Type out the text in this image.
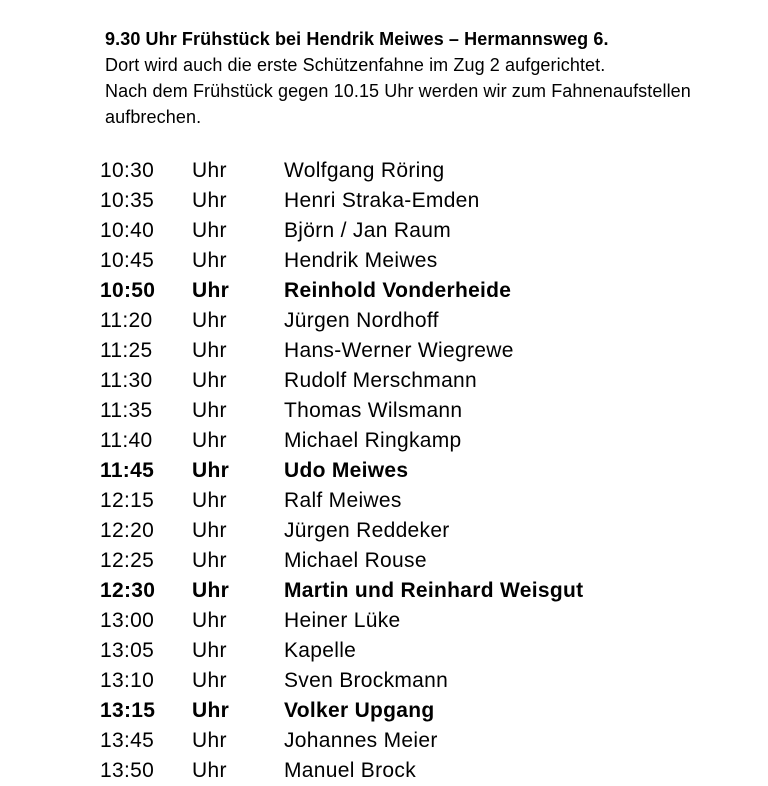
9.30 Uhr Frühstück bei Hendrik Meiwes – Hermannsweg 6.

Dort wird auch die erste Schützenfahne im Zug 2 aufgerichtet.

Nach dem Frühstück gegen 10.15 Uhr werden wir zum Fahnenaufstellen

aufbrechen.

10:30 Uhr	Wolfgang Röring
10:35 Uhr	Henri Straka-Emden
10:40 Uhr	Björn / Jan Raum
10:45 Uhr	Hendrik Meiwes
10:50 Uhr	Reinhold Vonderheide
11:20 Uhr	Jürgen Nordhoff
11:25 Uhr	Hans-Werner Wiegrewe
11:30 Uhr	Rudolf Merschmann
11:35 Uhr	Thomas Wilsmann
11:40 Uhr	Michael Ringkamp
11:45 Uhr	Udo Meiwes
12:15 Uhr	Ralf Meiwes
12:20 Uhr	Jürgen Reddeker
12:25 Uhr	Michael Rouse
12:30 Uhr	Martin und Reinhard Weisgut
13:00 Uhr	Heiner Lüke
13:05 Uhr	Kapelle
13:10 Uhr	Sven Brockmann
13:15 Uhr	Volker Upgang
13:45 Uhr	Johannes Meier
13:50 Uhr	Manuel Brock
